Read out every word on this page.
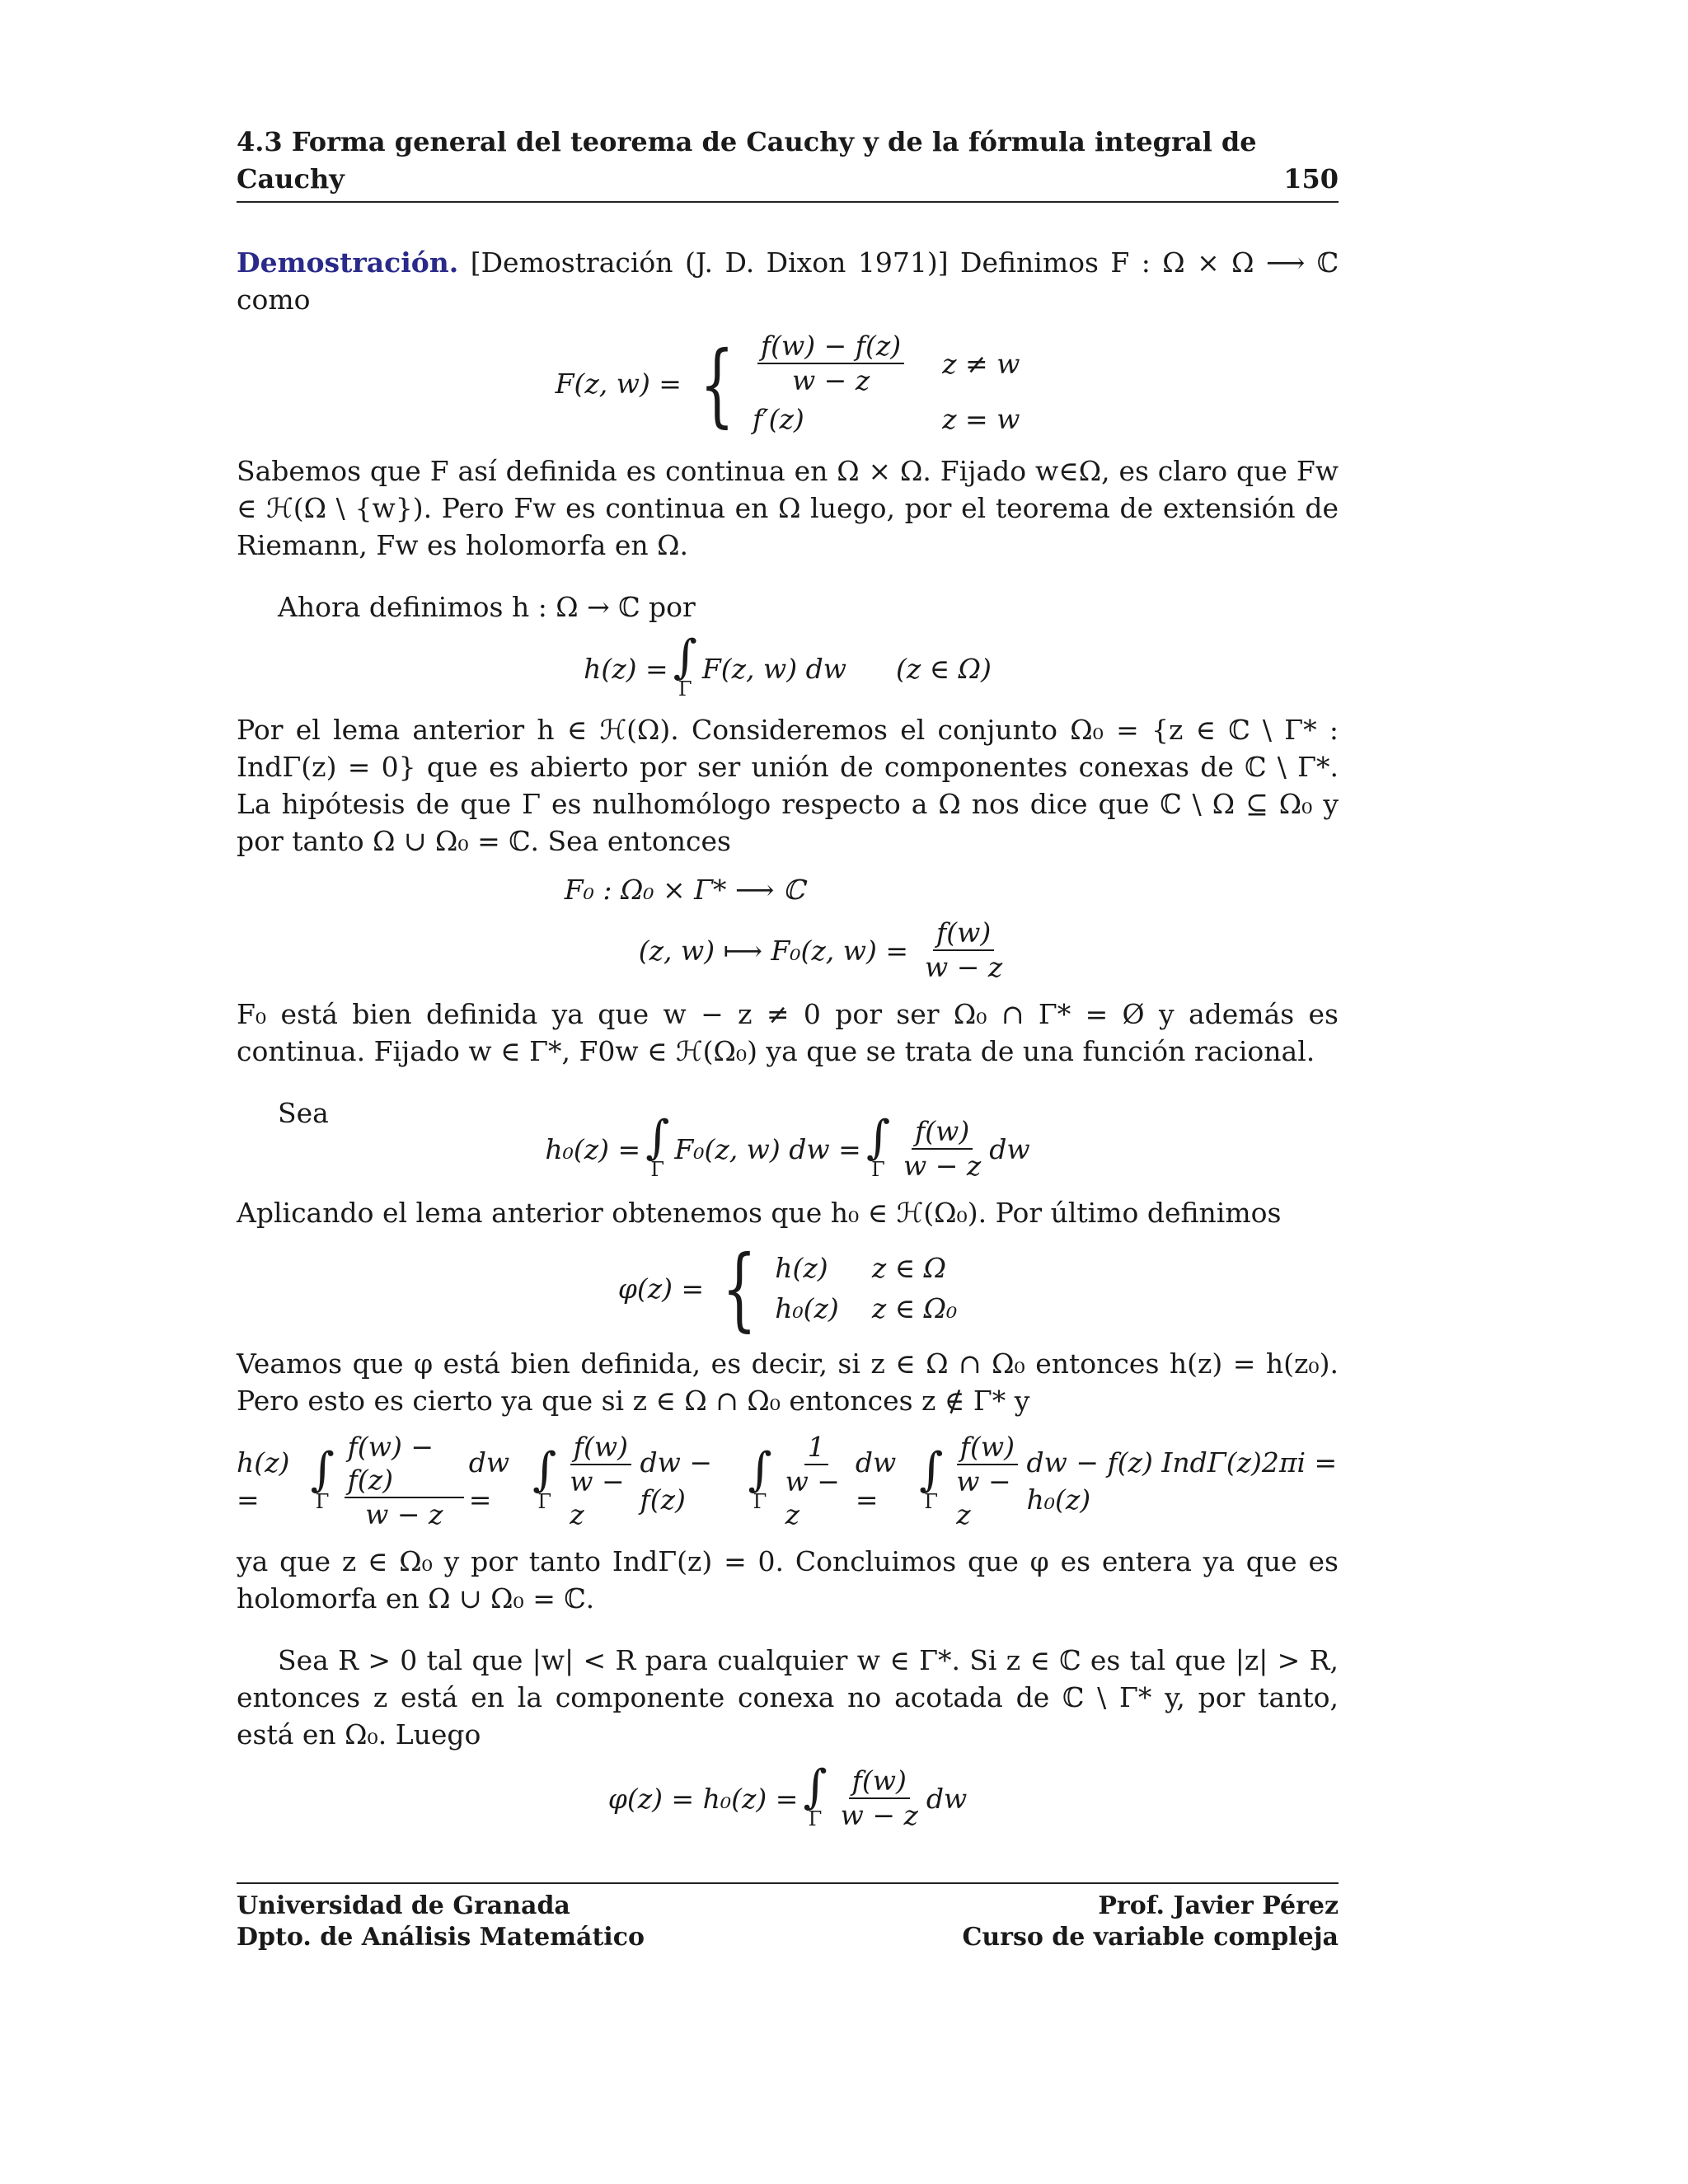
4.3 Forma general del teorema de Cauchy y de la fórmula integral de Cauchy	150

Demostración. [Demostración (J. D. Dixon 1971)] Definimos F : Ω × Ω ⟶ ℂ como

F(z, w) = { $\frac{f(w) - f(z)}{w - z}$ z ≠ w
f′(z)	z = w

Sabemos que F así definida es continua en Ω × Ω. Fijado w∈Ω, es claro que Fw ∈ ℋ(Ω \ {w}). Pero Fw es continua en Ω luego, por el teorema de extensión de Riemann, Fw es holomorfa en Ω.

Ahora definimos h : Ω → ℂ por

h(z) = ∫
Γ
F(z, w) dw (z ∈ Ω)

Por el lema anterior h ∈ ℋ(Ω). Consideremos el conjunto Ω₀ = {z ∈ ℂ \ Γ* : IndΓ(z) = 0} que es abierto por ser unión de componentes conexas de ℂ \ Γ*. La hipótesis de que Γ es nulhomólogo respecto a Ω nos dice que ℂ \ Ω ⊆ Ω₀ y por tanto Ω ∪ Ω₀ = ℂ. Sea entonces

F₀ : Ω₀ × Γ* ⟶ ℂ
(z, w) ⟼ F₀(z, $w) = \frac{f(w)}{w - z}$

F₀ está bien definida ya que w − z ≠ 0 por ser Ω₀ ∩ Γ* = Ø y además es continua. Fijado w ∈ Γ*, F0w ∈ ℋ(Ω₀) ya que se trata de una función racional.

Sea

h₀(z) = ∫
Γ
F₀(z, w) dw = ∫
Γ $\frac{f(w)}{w - z}$ dw

Aplicando el lema anterior obtenemos que h₀ ∈ ℋ(Ω₀). Por último definimos

φ(z) = { h(z)	z ∈ Ω
h₀(z) z ∈ Ω₀

Veamos que φ está bien definida, es decir, si z ∈ Ω ∩ Ω₀ entonces h(z) = h(z₀). Pero esto es cierto ya que si z ∈ Ω ∩ Ω₀ entonces z ∉ Γ* y

h(z) =
∫
Γ $\frac{f(w) - f(z)}{w - z}$ dw =
∫
Γ $\frac{f(w)}{w - z}$ dw − f(z)
∫
Γ $\frac{1}{w - z}$ dw =
∫
Γ $\frac{f(w)}{w - z}$ dw − f(z) IndΓ(z)2πi = h₀(z)

ya que z ∈ Ω₀ y por tanto IndΓ(z) = 0. Concluimos que φ es entera ya que es holomorfa en Ω ∪ Ω₀ = ℂ.

Sea R > 0 tal que |w| < R para cualquier w ∈ Γ*. Si z ∈ ℂ es tal que |z| > R, entonces z está en la componente conexa no acotada de ℂ \ Γ* y, por tanto, está en Ω₀. Luego

φ(z) = h₀(z) = ∫
Γ $\frac{f(w)}{w - z}$ dw
Universidad de Granada
Dpto. de Análisis Matemático
Prof. Javier Pérez
Curso de variable compleja
